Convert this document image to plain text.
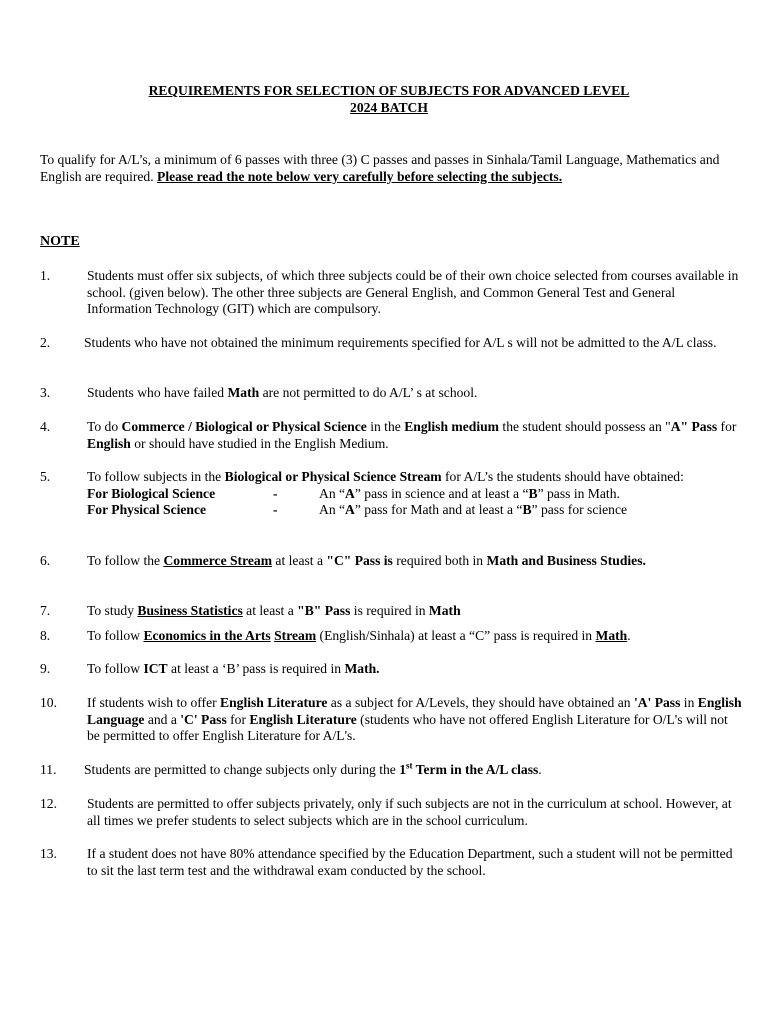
REQUIREMENTS FOR SELECTION OF SUBJECTS FOR ADVANCED LEVEL
2024 BATCH
To qualify for A/L’s, a minimum of 6 passes with three (3) C passes and passes in Sinhala/Tamil Language, Mathematics and English are required. Please read the note below very carefully before selecting the subjects.
NOTE
1.	Students must offer six subjects, of which three subjects could be of their own choice selected from courses available in school. (given below). The other three subjects are General English, and Common General Test and General Information Technology (GIT) which are compulsory.
2. Students who have not obtained the minimum requirements specified for A/L s will not be admitted to the A/L class.
3.	Students who have failed Math are not permitted to do A/L’ s at school.
4.	To do Commerce / Biological or Physical Science in the English medium the student should possess an "A" Pass for English or should have studied in the English Medium.
5.	To follow subjects in the Biological or Physical Science Stream for A/L’s the students should have obtained:
For Biological Science	-	An “A” pass in science and at least a “B” pass in Math.
For Physical Science	-	An “A” pass for Math and at least a “B” pass for science
6.	To follow the Commerce Stream at least a "C" Pass is required both in Math and Business Studies.
7.	To study Business Statistics at least a "B" Pass is required in Math
8.	To follow Economics in the Arts Stream (English/Sinhala) at least a “C” pass is required in Math.
9.	To follow ICT at least a ‘B’ pass is required in Math.
10. If students wish to offer English Literature as a subject for A/Levels, they should have obtained an 'A' Pass in English Language and a 'C' Pass for English Literature (students who have not offered English Literature for O/L's will not be permitted to offer English Literature for A/L's.
11. Students are permitted to change subjects only during the 1st Term in the A/L class.
12. Students are permitted to offer subjects privately, only if such subjects are not in the curriculum at school. However, at all times we prefer students to select subjects which are in the school curriculum.
13. If a student does not have 80% attendance specified by the Education Department, such a student will not be permitted to sit the last term test and the withdrawal exam conducted by the school.
